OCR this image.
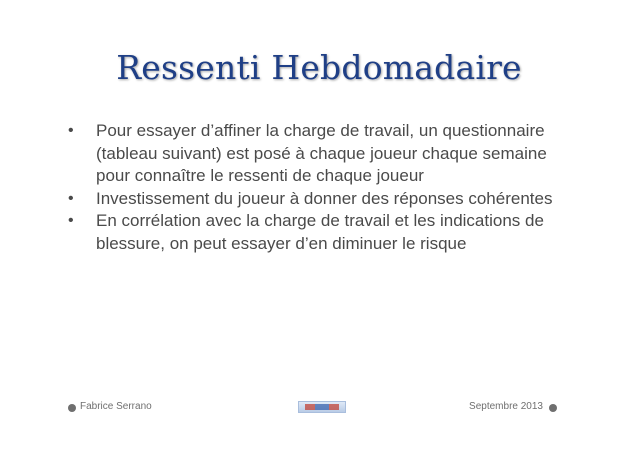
Ressenti Hebdomadaire
•	Pour essayer d’affiner la charge de travail, un questionnaire (tableau suivant) est posé à chaque joueur chaque semaine pour connaître le ressenti de chaque joueur
•	Investissement du joueur à donner des réponses cohérentes
•	En corrélation avec la charge de travail et les indications de blessure, on peut essayer d’en diminuer le risque
Fabrice Serrano	Septembre 2013
